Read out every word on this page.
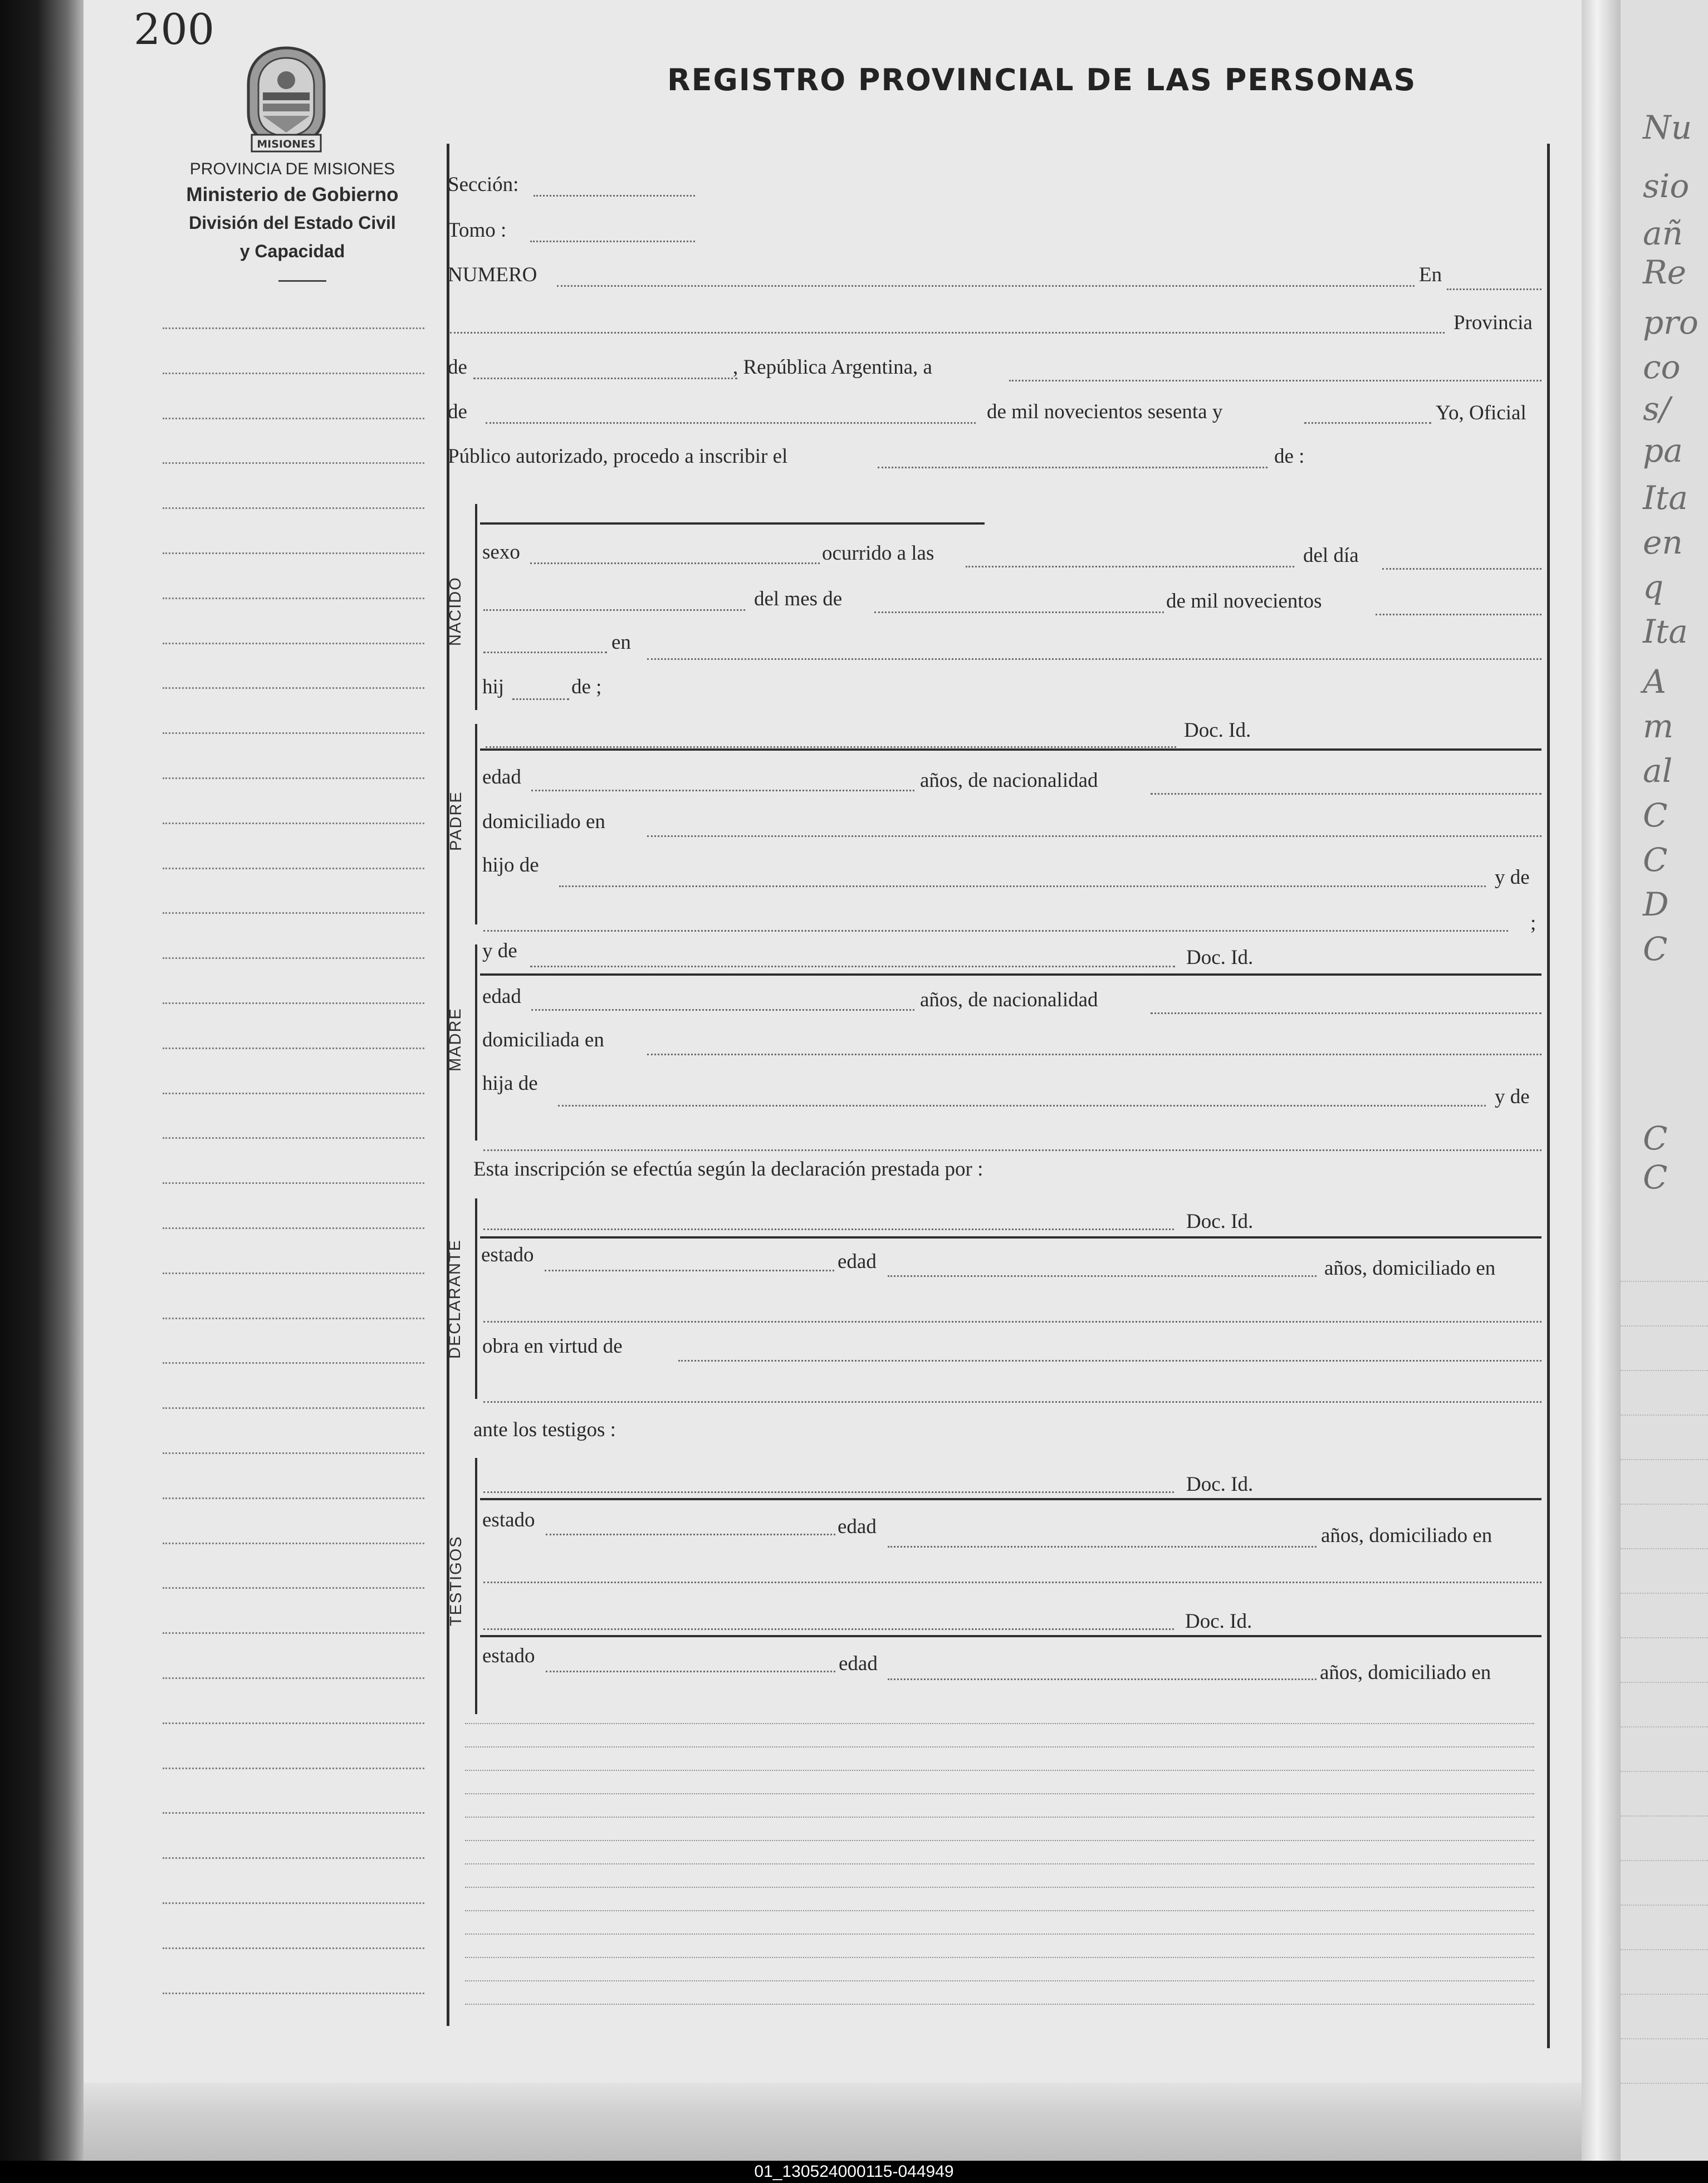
200
REGISTRO PROVINCIAL DE LAS PERSONAS
MISIONES
PROVINCIA DE MISIONES
Ministerio de Gobierno
División del Estado Civil
y Capacidad
Sección:
Tomo :
NUMERO	En
Provincia
de	, República Argentina, a
de	de mil novecientos sesenta y	Yo, Oficial
Público autorizado, procedo a inscribir el	de :
NACIDO
sexo	ocurrido a las	del día
del mes de	de mil novecientos
en
hij	de ;
PADRE
Doc. Id.
edad	años, de nacionalidad
domiciliado en
hijo de
y de
;
MADRE
y de	Doc. Id.
edad	años, de nacionalidad
domiciliada en
hija de
y de
Esta inscripción se efectúa según la declaración prestada por :
DECLARANTE
Doc. Id.
estado	edad	años, domiciliado en
obra en virtud de
ante los testigos :
TESTIGOS
Doc. Id.
estado	edad	años, domiciliado en
Doc. Id.
estado	edad	años, domiciliado en
Nu
sio
añ
Re
pro
co
s/
pa
Ita
en
q
Ita
A
m
al
C
C
D
C
C
C
01_130524000115-044949
